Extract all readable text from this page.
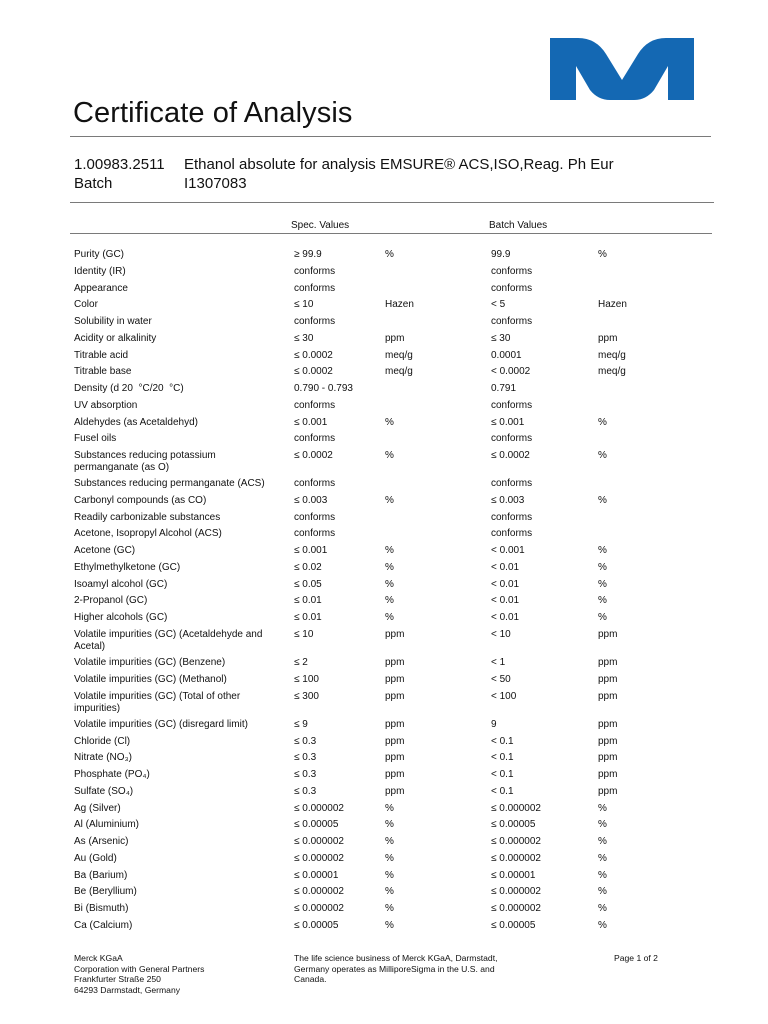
Certificate of Analysis
1.00983.2511 Ethanol absolute for analysis EMSURE® ACS,ISO,Reag. Ph Eur
Batch	I1307083
Spec. Values	Batch Values
Purity (GC)	≥ 99.9	%	99.9	%
Identity (IR)	conforms	conforms
Appearance	conforms	conforms
Color	≤ 10	Hazen	< 5	Hazen
Solubility in water	conforms	conforms
Acidity or alkalinity	≤ 30	ppm	≤ 30	ppm
Titrable acid	≤ 0.0002	meq/g	0.0001	meq/g
Titrable base	≤ 0.0002	meq/g	< 0.0002	meq/g
Density (d 20  °C/20  °C)	0.790 - 0.793	0.791
UV absorption	conforms	conforms
Aldehydes (as Acetaldehyd)	≤ 0.001	%	≤ 0.001	%
Fusel oils	conforms	conforms
Substances reducing potassium permanganate (as O)
≤ 0.0002	%	≤ 0.0002	%
Substances reducing permanganate (ACS)	conforms	conforms
Carbonyl compounds (as CO)	≤ 0.003	%	≤ 0.003	%
Readily carbonizable substances	conforms	conforms
Acetone, Isopropyl Alcohol (ACS)	conforms	conforms
Acetone (GC)	≤ 0.001	%	< 0.001	%
Ethylmethylketone (GC)	≤ 0.02	%	< 0.01	%
Isoamyl alcohol (GC)	≤ 0.05	%	< 0.01	%
2-Propanol (GC)	≤ 0.01	%	< 0.01	%
Higher alcohols (GC)	≤ 0.01	%	< 0.01	%
Volatile impurities (GC) (Acetaldehyde and Acetal)
≤ 10	ppm	< 10	ppm
Volatile impurities (GC) (Benzene)	≤ 2	ppm	< 1	ppm
Volatile impurities (GC) (Methanol)	≤ 100	ppm	< 50	ppm
Volatile impurities (GC) (Total of other impurities)
≤ 300	ppm	< 100	ppm
Volatile impurities (GC) (disregard limit)	≤ 9	ppm	9	ppm
Chloride (Cl)	≤ 0.3	ppm	< 0.1	ppm
Nitrate (NO₃)	≤ 0.3	ppm	< 0.1	ppm
Phosphate (PO₄)	≤ 0.3	ppm	< 0.1	ppm
Sulfate (SO₄)	≤ 0.3	ppm	< 0.1	ppm
Ag (Silver)	≤ 0.000002	%	≤ 0.000002	%
Al (Aluminium)	≤ 0.00005	%	≤ 0.00005	%
As (Arsenic)	≤ 0.000002	%	≤ 0.000002	%
Au (Gold)	≤ 0.000002	%	≤ 0.000002	%
Ba (Barium)	≤ 0.00001	%	≤ 0.00001	%
Be (Beryllium)	≤ 0.000002	%	≤ 0.000002	%
Bi (Bismuth)	≤ 0.000002	%	≤ 0.000002	%
Ca (Calcium)	≤ 0.00005	%	≤ 0.00005	%
Merck KGaA
Corporation with General Partners
Frankfurter Straße 250
64293 Darmstadt, Germany
The life science business of Merck KGaA, Darmstadt,
Germany operates as MilliporeSigma in the U.S. and
Canada.
Page 1 of 2
